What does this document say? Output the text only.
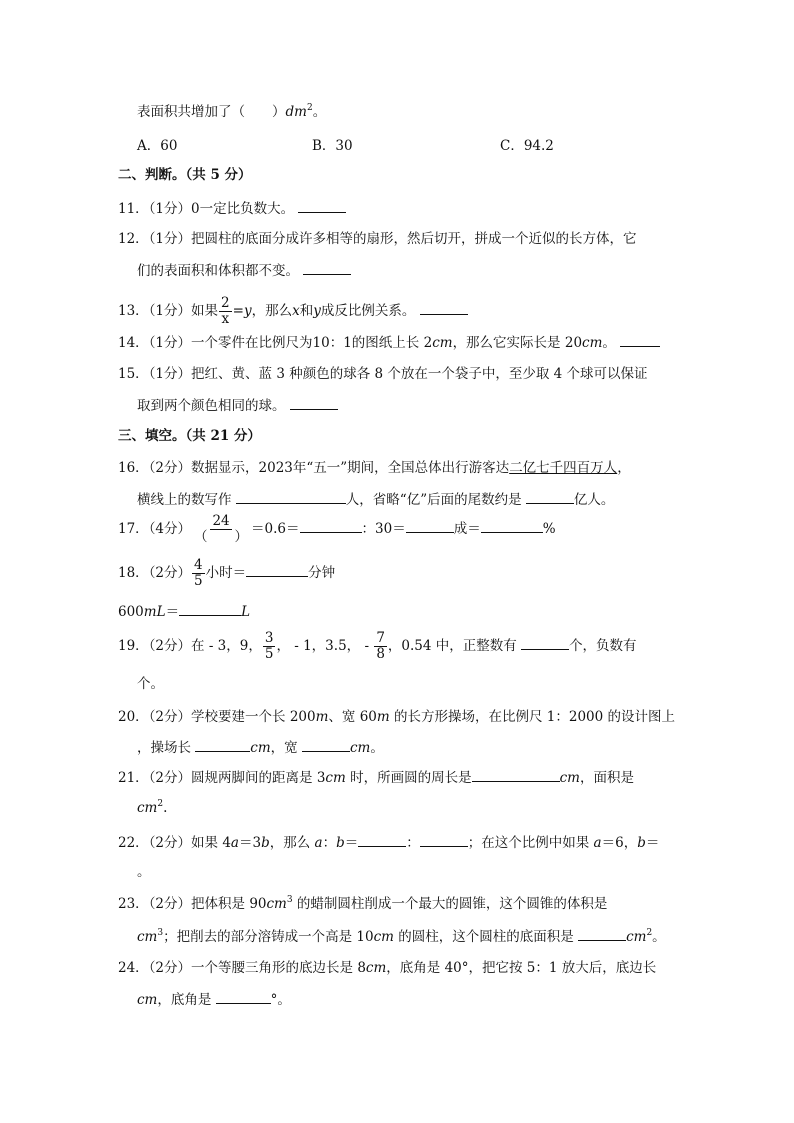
表面积共增加了（　　 ）$dm^2$。
A．60	B．30	C．94.2
二、判断。（共 5 分）
11．（1分）0一定比负数大。
12．（1分）把圆柱的底面分成许多相等的扇形，然后切开，拼成一个近似的长方体，它
们的表面积和体积都不变。
13．（1分）如果 $\frac{2}{x} =y$，那么x和y成反比例关系。
14．（1分）一个零件在比例尺为10：1的图纸上长 2cm，那么它实际长是 20cm。
15．（1分）把红、黄、蓝 3 种颜色的球各 8 个放在一个袋子中，至少取 4 个球可以保证
取到两个颜色相同的球。
三、填空。（共 21 分）
16．（2分）数据显示，2023年“五一”期间，全国总体出行游客达二亿七千四百万人，
横线上的数写作	人，省略“亿”后面的尾数约是	亿人。
17．（4分） $\frac{24}{( )} =0.6=$	：30＝	成＝	%
18．（2分） $\frac{4}{5}$ 小时＝	分钟
600mL＝	L
19．（2分）在 - 3，9， $\frac{3}{5}$ ， - 1，3.5， - $\frac{7}{8}$ ，0.54 中，正整数有	个，负数有
个。
20．（2分）学校要建一个长 200m、宽 60m 的长方形操场，在比例尺 1：2000 的设计图上
，操场长	cm，宽	cm。
21．（2分）圆规两脚间的距离是 3cm 时，所画圆的周长是	cm，面积是
$cm^2$.
22．（2分）如果 4a＝3b，那么 a：b＝	：	；在这个比例中如果 a＝6，b＝
。
23．（2分）把体积是 $90cm^3$ 的蜡制圆柱削成一个最大的圆锥，这个圆锥的体积是
$cm^3$；把削去的部分溶铸成一个高是 10cm 的圆柱，这个圆柱的底面积是	$cm^2$。
24．（2分）一个等腰三角形的底边长是 8cm，底角是 40°，把它按 5：1 放大后，底边长
cm，底角是	°。
